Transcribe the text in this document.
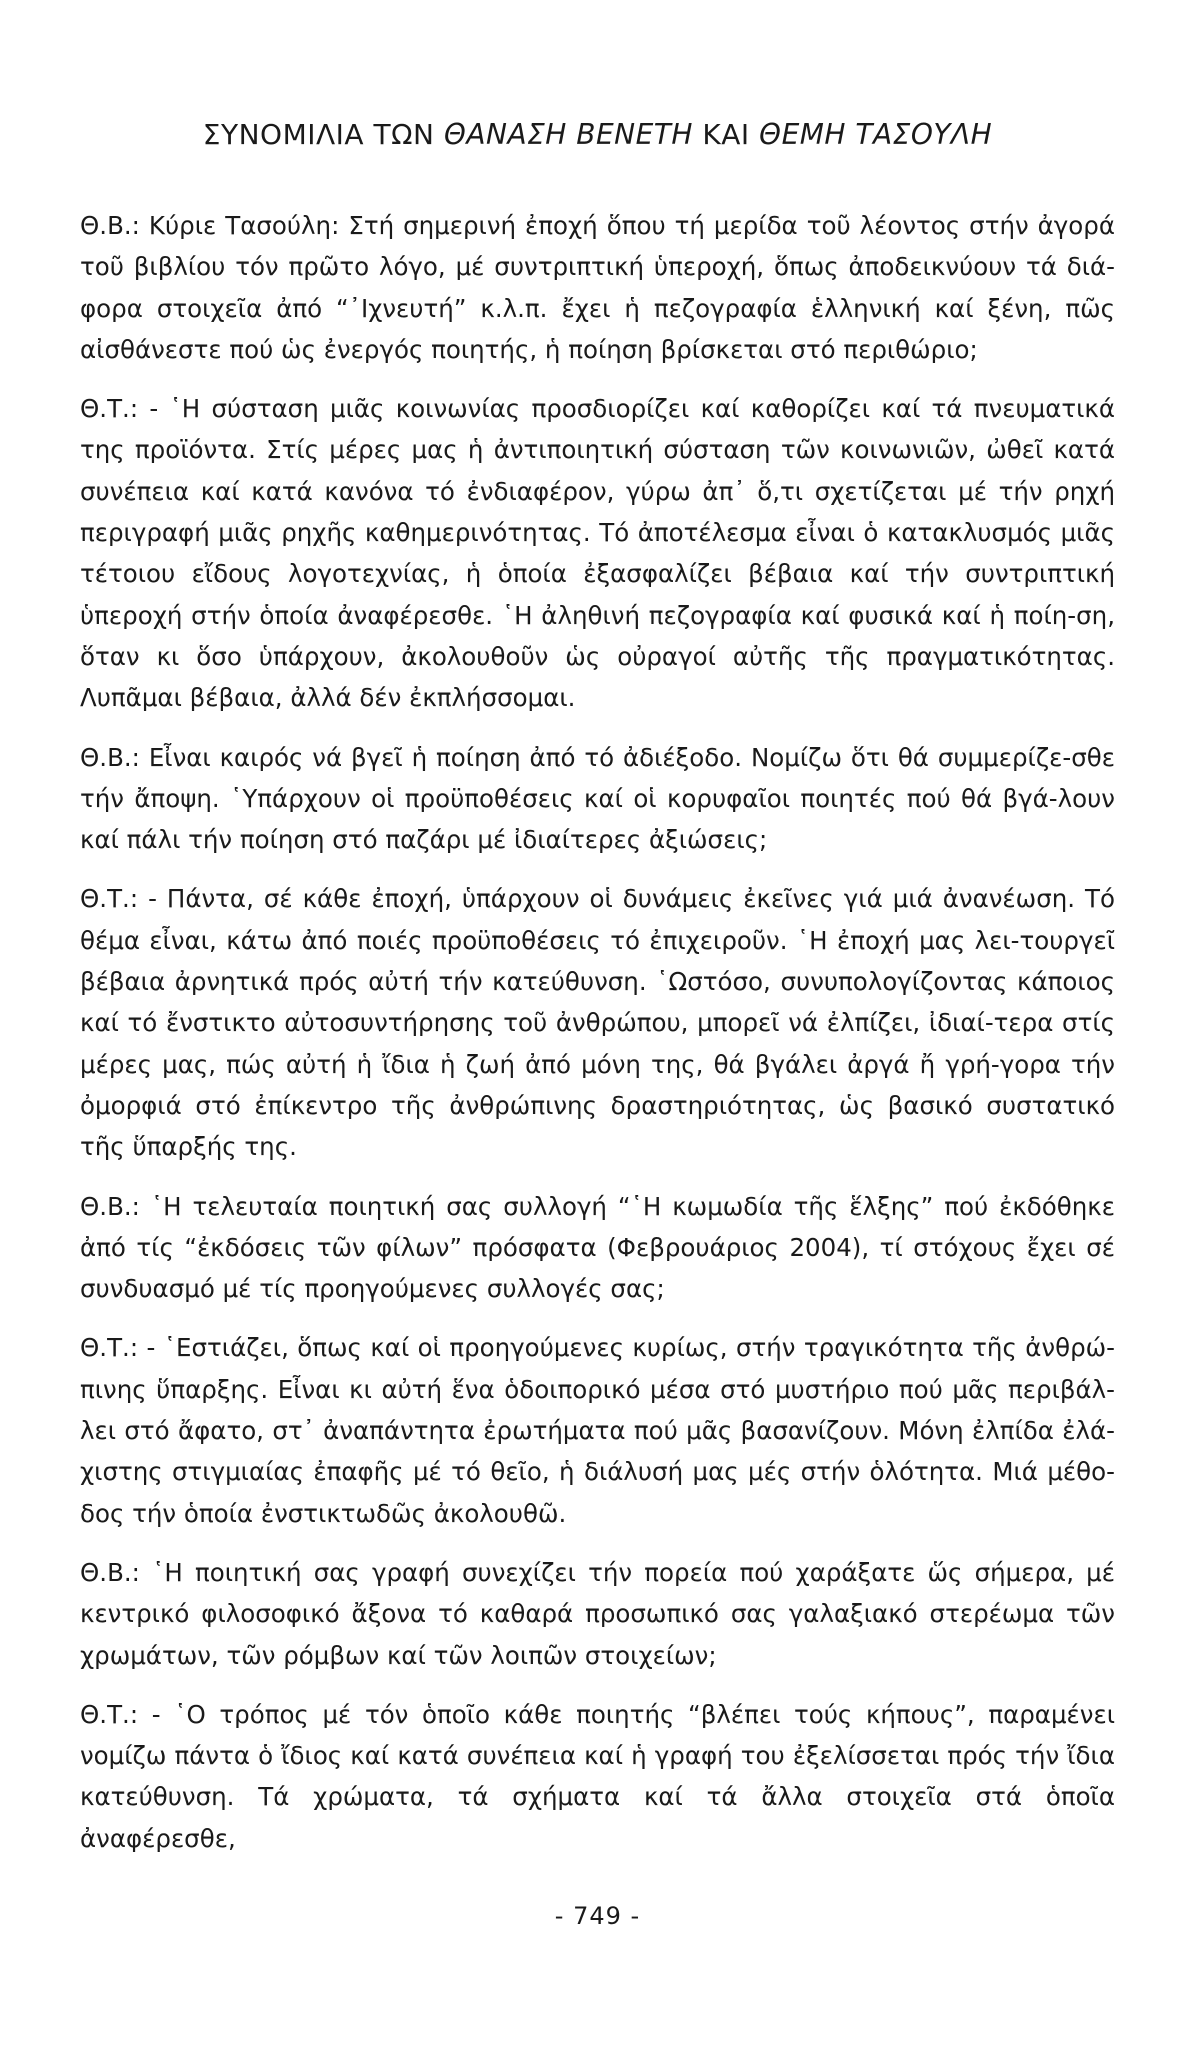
ΣΥΝΟΜΙΛΙΑ ΤΩΝ ΘΑΝΑΣΗ ΒΕΝΕΤΗ ΚΑΙ ΘΕΜΗ ΤΑΣΟΥΛΗ

Θ.Β.: Κύριε Τασούλη: Στή σημερινή ἐποχή ὅπου τή μερίδα τοῦ λέοντος στήν ἀγορά τοῦ βιβλίου τόν πρῶτο λόγο, μέ συντριπτική ὑπεροχή, ὅπως ἀποδεικνύουν τά διά-φορα στοιχεῖα ἀπό “᾿Ιχνευτή” κ.λ.π. ἔχει ἡ πεζογραφία ἑλληνική καί ξένη, πῶς αἰσθάνεστε πού ὡς ἐνεργός ποιητής, ἡ ποίηση βρίσκεται στό περιθώριο;

Θ.Τ.: - ῾Η σύσταση μιᾶς κοινωνίας προσδιορίζει καί καθορίζει καί τά πνευματικά της προϊόντα. Στίς μέρες μας ἡ ἀντιποιητική σύσταση τῶν κοινωνιῶν, ὠθεῖ κατά συνέπεια καί κατά κανόνα τό ἐνδιαφέρον, γύρω ἀπ᾿ ὅ,τι σχετίζεται μέ τήν ρηχή περιγραφή μιᾶς ρηχῆς καθημερινότητας. Τό ἀποτέλεσμα εἶναι ὁ κατακλυσμός μιᾶς τέτοιου εἴδους λογοτεχνίας, ἡ ὁποία ἐξασφαλίζει βέβαια καί τήν συντριπτική ὑπεροχή στήν ὁποία ἀναφέρεσθε. ῾Η ἀληθινή πεζογραφία καί φυσικά καί ἡ ποίη-ση, ὅταν κι ὅσο ὑπάρχουν, ἀκολουθοῦν ὡς οὐραγοί αὐτῆς τῆς πραγματικότητας. Λυπᾶμαι βέβαια, ἀλλά δέν ἐκπλήσσομαι.

Θ.Β.: Εἶναι καιρός νά βγεῖ ἡ ποίηση ἀπό τό ἀδιέξοδο. Νομίζω ὅτι θά συμμερίζε-σθε τήν ἄποψη. ῾Υπάρχουν οἱ προϋποθέσεις καί οἱ κορυφαῖοι ποιητές πού θά βγά-λουν καί πάλι τήν ποίηση στό παζάρι μέ ἰδιαίτερες ἀξιώσεις;

Θ.Τ.: - Πάντα, σέ κάθε ἐποχή, ὑπάρχουν οἱ δυνάμεις ἐκεῖνες γιά μιά ἀνανέωση. Τό θέμα εἶναι, κάτω ἀπό ποιές προϋποθέσεις τό ἐπιχειροῦν. ῾Η ἐποχή μας λει-τουργεῖ βέβαια ἀρνητικά πρός αὐτή τήν κατεύθυνση. ῾Ωστόσο, συνυπολογίζοντας κάποιος καί τό ἔνστικτο αὐτοσυντήρησης τοῦ ἀνθρώπου, μπορεῖ νά ἐλπίζει, ἰδιαί-τερα στίς μέρες μας, πώς αὐτή ἡ ἴδια ἡ ζωή ἀπό μόνη της, θά βγάλει ἀργά ἤ γρή-γορα τήν ὀμορφιά στό ἐπίκεντρο τῆς ἀνθρώπινης δραστηριότητας, ὡς βασικό συστατικό τῆς ὕπαρξής της.

Θ.Β.: ῾Η τελευταία ποιητική σας συλλογή “῾Η κωμωδία τῆς ἕλξης” πού ἐκδόθηκε ἀπό τίς “ἐκδόσεις τῶν φίλων” πρόσφατα (Φεβρουάριος 2004), τί στόχους ἔχει σέ συνδυασμό μέ τίς προηγούμενες συλλογές σας;

Θ.Τ.: - ῾Εστιάζει, ὅπως καί οἱ προηγούμενες κυρίως, στήν τραγικότητα τῆς ἀνθρώ-πινης ὕπαρξης. Εἶναι κι αὐτή ἕνα ὁδοιπορικό μέσα στό μυστήριο πού μᾶς περιβάλ-λει στό ἄφατο, στ᾿ ἀναπάντητα ἐρωτήματα πού μᾶς βασανίζουν. Μόνη ἐλπίδα ἐλά-χιστης στιγμιαίας ἐπαφῆς μέ τό θεῖο, ἡ διάλυσή μας μές στήν ὁλότητα. Μιά μέθο-δος τήν ὁποία ἐνστικτωδῶς ἀκολουθῶ.

Θ.Β.: ῾Η ποιητική σας γραφή συνεχίζει τήν πορεία πού χαράξατε ὥς σήμερα, μέ κεντρικό φιλοσοφικό ἄξονα τό καθαρά προσωπικό σας γαλαξιακό στερέωμα τῶν χρωμάτων, τῶν ρόμβων καί τῶν λοιπῶν στοιχείων;

Θ.Τ.: - ῾Ο τρόπος μέ τόν ὁποῖο κάθε ποιητής “βλέπει τούς κήπους”, παραμένει νομίζω πάντα ὁ ἴδιος καί κατά συνέπεια καί ἡ γραφή του ἐξελίσσεται πρός τήν ἴδια κατεύθυνση. Τά χρώματα, τά σχήματα καί τά ἄλλα στοιχεῖα στά ὁποῖα ἀναφέρεσθε,

- 749 -
